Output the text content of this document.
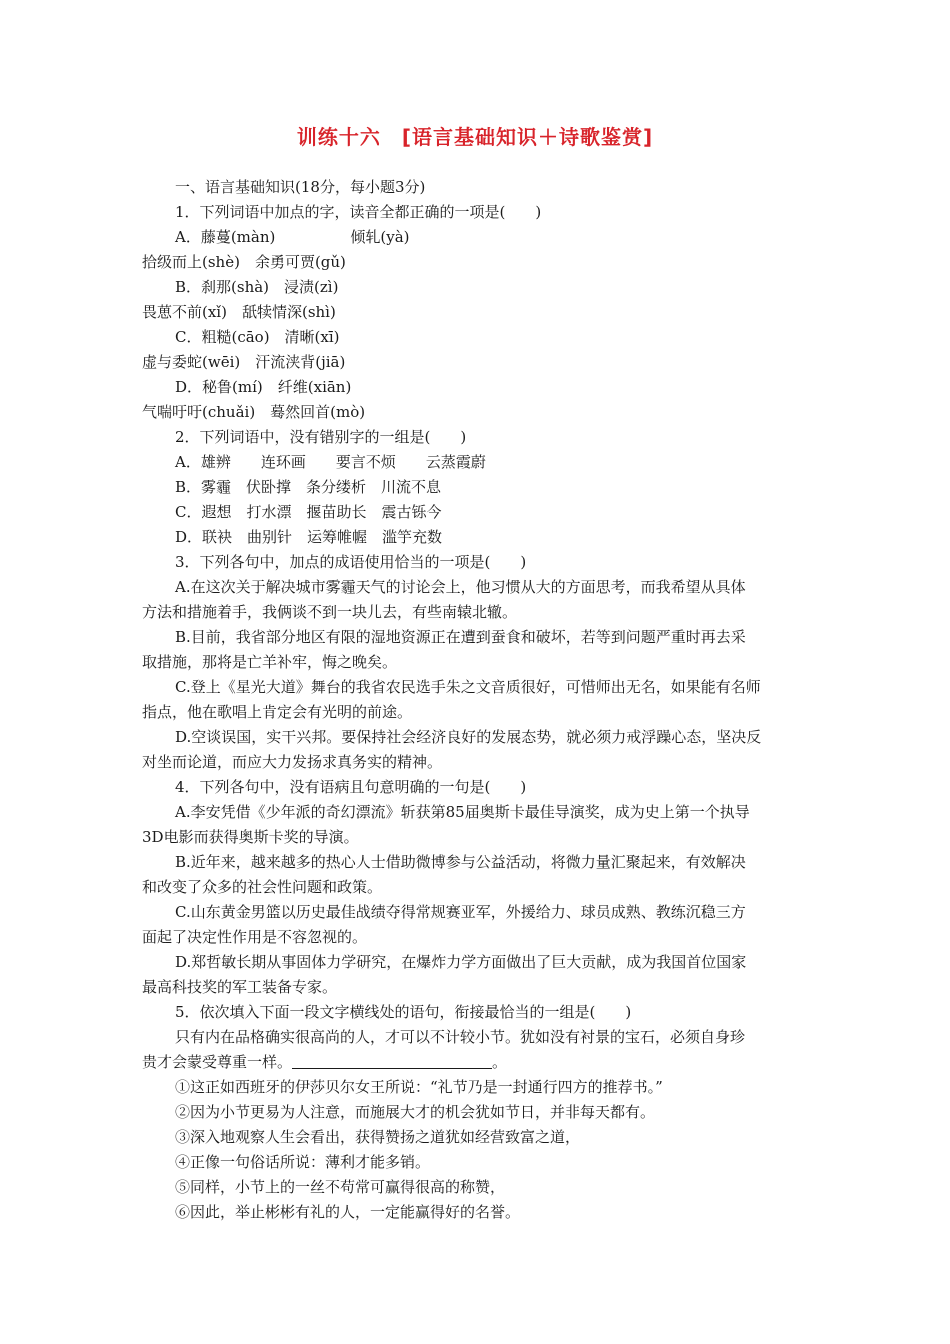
训练十六　[语言基础知识＋诗歌鉴赏]
一、语言基础知识(18分，每小题3分)
1．下列词语中加点的字，读音全都正确的一项是(　　)
A．藤蔓(màn)　　　　　倾轧(yà)
拾级而上(shè)　余勇可贾(gǔ)
B．刹那(shà)　浸渍(zì)
畏葸不前(xǐ)　舐犊情深(shì)
C．粗糙(cāo)　清晰(xī)
虚与委蛇(wēi)　汗流浃背(jiā)
D．秘鲁(mí)　纤维(xiān)
气喘吁吁(chuǎi)　蓦然回首(mò)
2．下列词语中，没有错别字的一组是(　　)
A．雄辨　　连环画　　要言不烦　　云蒸霞蔚
B．雾霾　伏卧撑　条分缕析　川流不息
C．遐想　打水漂　揠苗助长　震古铄今
D．联袂　曲别针　运筹帷幄　滥竽充数
3．下列各句中，加点的成语使用恰当的一项是(　　)
A.在这次关于解决城市雾霾天气的讨论会上，他习惯从大的方面思考，而我希望从具体
方法和措施着手，我俩谈不到一块儿去，有些南辕北辙。
B.目前，我省部分地区有限的湿地资源正在遭到蚕食和破坏，若等到问题严重时再去采
取措施，那将是亡羊补牢，悔之晚矣。
C.登上《星光大道》舞台的我省农民选手朱之文音质很好，可惜师出无名，如果能有名师
指点，他在歌唱上肯定会有光明的前途。
D.空谈误国，实干兴邦。要保持社会经济良好的发展态势，就必须力戒浮躁心态，坚决反
对坐而论道，而应大力发扬求真务实的精神。
4．下列各句中，没有语病且句意明确的一句是(　　)
A.李安凭借《少年派的奇幻漂流》斩获第85届奥斯卡最佳导演奖，成为史上第一个执导
3D电影而获得奥斯卡奖的导演。
B.近年来，越来越多的热心人士借助微博参与公益活动，将微力量汇聚起来，有效解决
和改变了众多的社会性问题和政策。
C.山东黄金男篮以历史最佳战绩夺得常规赛亚军，外援给力、球员成熟、教练沉稳三方
面起了决定性作用是不容忽视的。
D.郑哲敏长期从事固体力学研究，在爆炸力学方面做出了巨大贡献，成为我国首位国家
最高科技奖的军工装备专家。
5．依次填入下面一段文字横线处的语句，衔接最恰当的一组是(　　)
只有内在品格确实很高尚的人，才可以不计较小节。犹如没有衬景的宝石，必须自身珍
贵才会蒙受尊重一样。	。
①这正如西班牙的伊莎贝尔女王所说：“礼节乃是一封通行四方的推荐书。”
②因为小节更易为人注意，而施展大才的机会犹如节日，并非每天都有。
③深入地观察人生会看出，获得赞扬之道犹如经营致富之道，
④正像一句俗话所说：薄利才能多销。
⑤同样，小节上的一丝不苟常可赢得很高的称赞，
⑥因此，举止彬彬有礼的人，一定能赢得好的名誉。
